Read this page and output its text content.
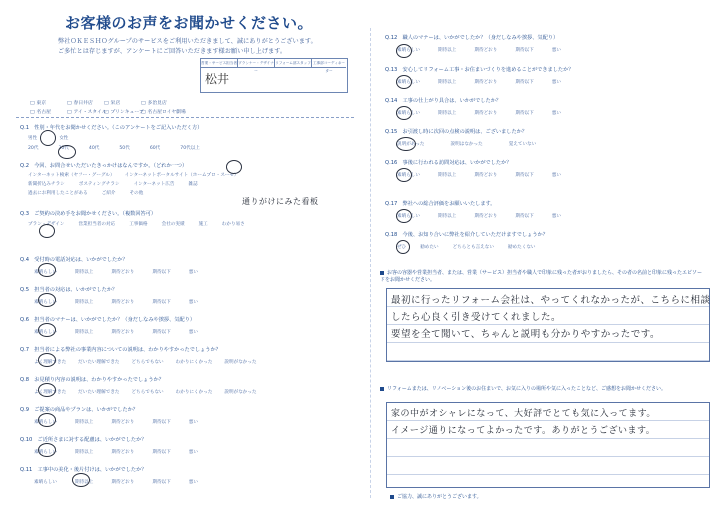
お客様のお声をお聞かせください。
弊社ＯＫＥＳＨＯグループのサービスをご利用いただきまして、誠にありがとうございます。
ご多忙とは存じますが、アンケートにご回答いただきます様お願い申し上げます。
営業・サービス担当者 プランナー・デザイナー
リフォーム部スタッフ 工事部コーディネーター
松井
□ 東京	□ 春日井店	□ 栄店	□ 多治見店
□ 名古屋	□ アイ・スタイル □ プリンキューブ □ 名古屋ロイヤ劇場
Q.1　性別・年代をお聞かせください。（このアンケートをご記入いただく方）
男性	女性
20代	30代	40代	50代	60代	70代以上
Q.2　今回、お問合せいただいたきっかけはなんですか。（どれか一つ）
インターネット検索（ヤフー・グーグル） インターネットポータルサイト（ホームプロ・スーモ）
新聞折込みチラシ	ポスティングチラシ	インターネット広告	雑誌
過去にお利用したことがある	ご紹介	その他
Q.3　ご契約の決め手をお聞かせください。（複数回答可）
プラン・デザイン	営業担当者の対応	工事価格	会社の実績	施工	わかり易さ
Q.4　受付時の電話対応は、いかがでしたか？
素晴らしい	期待以上	期待どおり	期待以下	悪い
Q.5　担当者の対応は、いかがでしたか？
素晴らしい	期待以上	期待どおり	期待以下	悪い
Q.6　担当者のマナーは、いかがでしたか？（身だしなみや挨拶、気配り）
素晴らしい	期待以上	期待どおり	期待以下	悪い
Q.7　担当者による弊社の事業内容についての説明は、わかりやすかったでしょうか？
よく理解できた	だいたい理解できた	どちらでもない	わかりにくかった	説明がなかった
Q.8　お見積り内容の説明は、わかりやすかったでしょうか？
よく理解できた	だいたい理解できた	どちらでもない	わかりにくかった	説明がなかった
Q.9　ご提案の商品やプランは、いかがでしたか？
素晴らしい	期待以上	期待どおり	期待以下	悪い
Q.10　ご近所さまに対する配慮は、いかがでしたか？
素晴らしい	期待以上	期待どおり	期待以下	悪い
Q.11　工事中の美化・後片付けは、いかがでしたか？
素晴らしい	期待以上	期待どおり	期待以下	悪い
通りがけにみた看板
Q.12　職人のマナーは、いかがでしたか？（身だしなみや挨拶、気配り）
素晴らしい	期待以上	期待どおり	期待以下	悪い
Q.13　安心してリフォーム工事・お住まいづくりを進めることができましたか？
素晴らしい	期待以上	期待どおり	期待以下	悪い
Q.14　工事の仕上がり具合は、いかがでしたか？
素晴らしい	期待以上	期待どおり	期待以下	悪い
Q.15　お引渡し時に次回の点検の説明は、ございましたか？
説明があった	説明はなかった	覚えていない
Q.16　事後に行われる訪問対応は、いかがでしたか？
素晴らしい	期待以上	期待どおり	期待以下	悪い
Q.17　弊社への総合評価をお願いいたします。
素晴らしい	期待以上	期待どおり	期待以下	悪い
Q.18　今後、お知り合いに弊社を紹介していただけますでしょうか？
ぜひ	勧めたい	どちらとも言えない	勧めたくない
お客の容器や営業担当者、または、営業（サービス）担当者や職人で印象に残った者がおりましたら、その者の名前と印象に残ったエピソードをお聞かせください。
最初に行ったリフォーム会社は、やってくれなかったが、こちらに相談
したら心良く引き受けてくれました。
要望を全て聞いて、ちゃんと説明も分かりやすかったです。
リフォームまたは、リノベーション後のお住まいで、お気に入りの場所や気に入ったことなど、ご感想をお聞かせください。
家の中がオシャレになって、大好評でとても気に入ってます。
イメージ通りになってよかったです。ありがとうございます。
ご協力、誠にありがとうございます。
